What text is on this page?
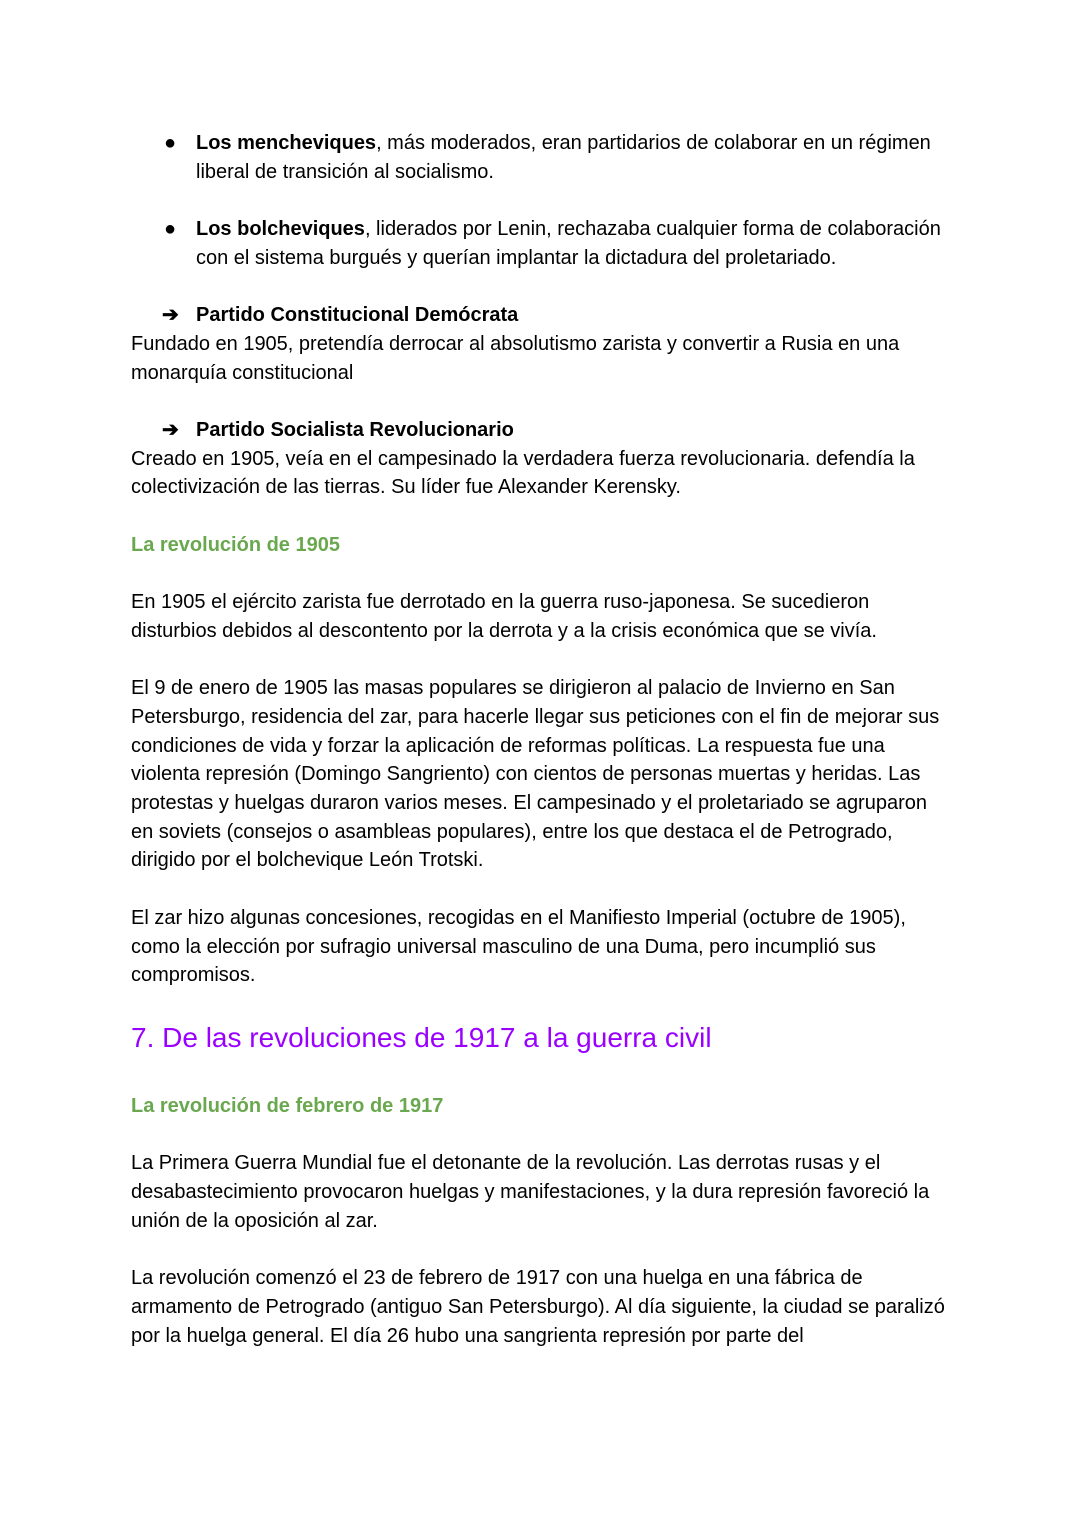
● Los mencheviques, más moderados, eran partidarios de colaborar en un régimen liberal de transición al socialismo.
● Los bolcheviques, liderados por Lenin, rechazaba cualquier forma de colaboración con el sistema burgués y querían implantar la dictadura del proletariado.
➔ Partido Constitucional Demócrata

Fundado en 1905, pretendía derrocar al absolutismo zarista y convertir a Rusia en una monarquía constitucional

➔ Partido Socialista Revolucionario

Creado en 1905, veía en el campesinado la verdadera fuerza revolucionaria. defendía la colectivización de las tierras. Su líder fue Alexander Kerensky.

La revolución de 1905

En 1905 el ejército zarista fue derrotado en la guerra ruso-japonesa. Se sucedieron disturbios debidos al descontento por la derrota y a la crisis económica que se vivía.

El 9 de enero de 1905 las masas populares se dirigieron al palacio de Invierno en San Petersburgo, residencia del zar, para hacerle llegar sus peticiones con el fin de mejorar sus condiciones de vida y forzar la aplicación de reformas políticas. La respuesta fue una violenta represión (Domingo Sangriento) con cientos de personas muertas y heridas. Las protestas y huelgas duraron varios meses. El campesinado y el proletariado se agruparon en soviets (consejos o asambleas populares), entre los que destaca el de Petrogrado, dirigido por el bolchevique León Trotski.

El zar hizo algunas concesiones, recogidas en el Manifiesto Imperial (octubre de 1905), como la elección por sufragio universal masculino de una Duma, pero incumplió sus compromisos.

7. De las revoluciones de 1917 a la guerra civil

La revolución de febrero de 1917

La Primera Guerra Mundial fue el detonante de la revolución. Las derrotas rusas y el desabastecimiento provocaron huelgas y manifestaciones, y la dura represión favoreció la unión de la oposición al zar.

La revolución comenzó el 23 de febrero de 1917 con una huelga en una fábrica de armamento de Petrogrado (antiguo San Petersburgo). Al día siguiente, la ciudad se paralizó por la huelga general. El día 26 hubo una sangrienta represión por parte del
